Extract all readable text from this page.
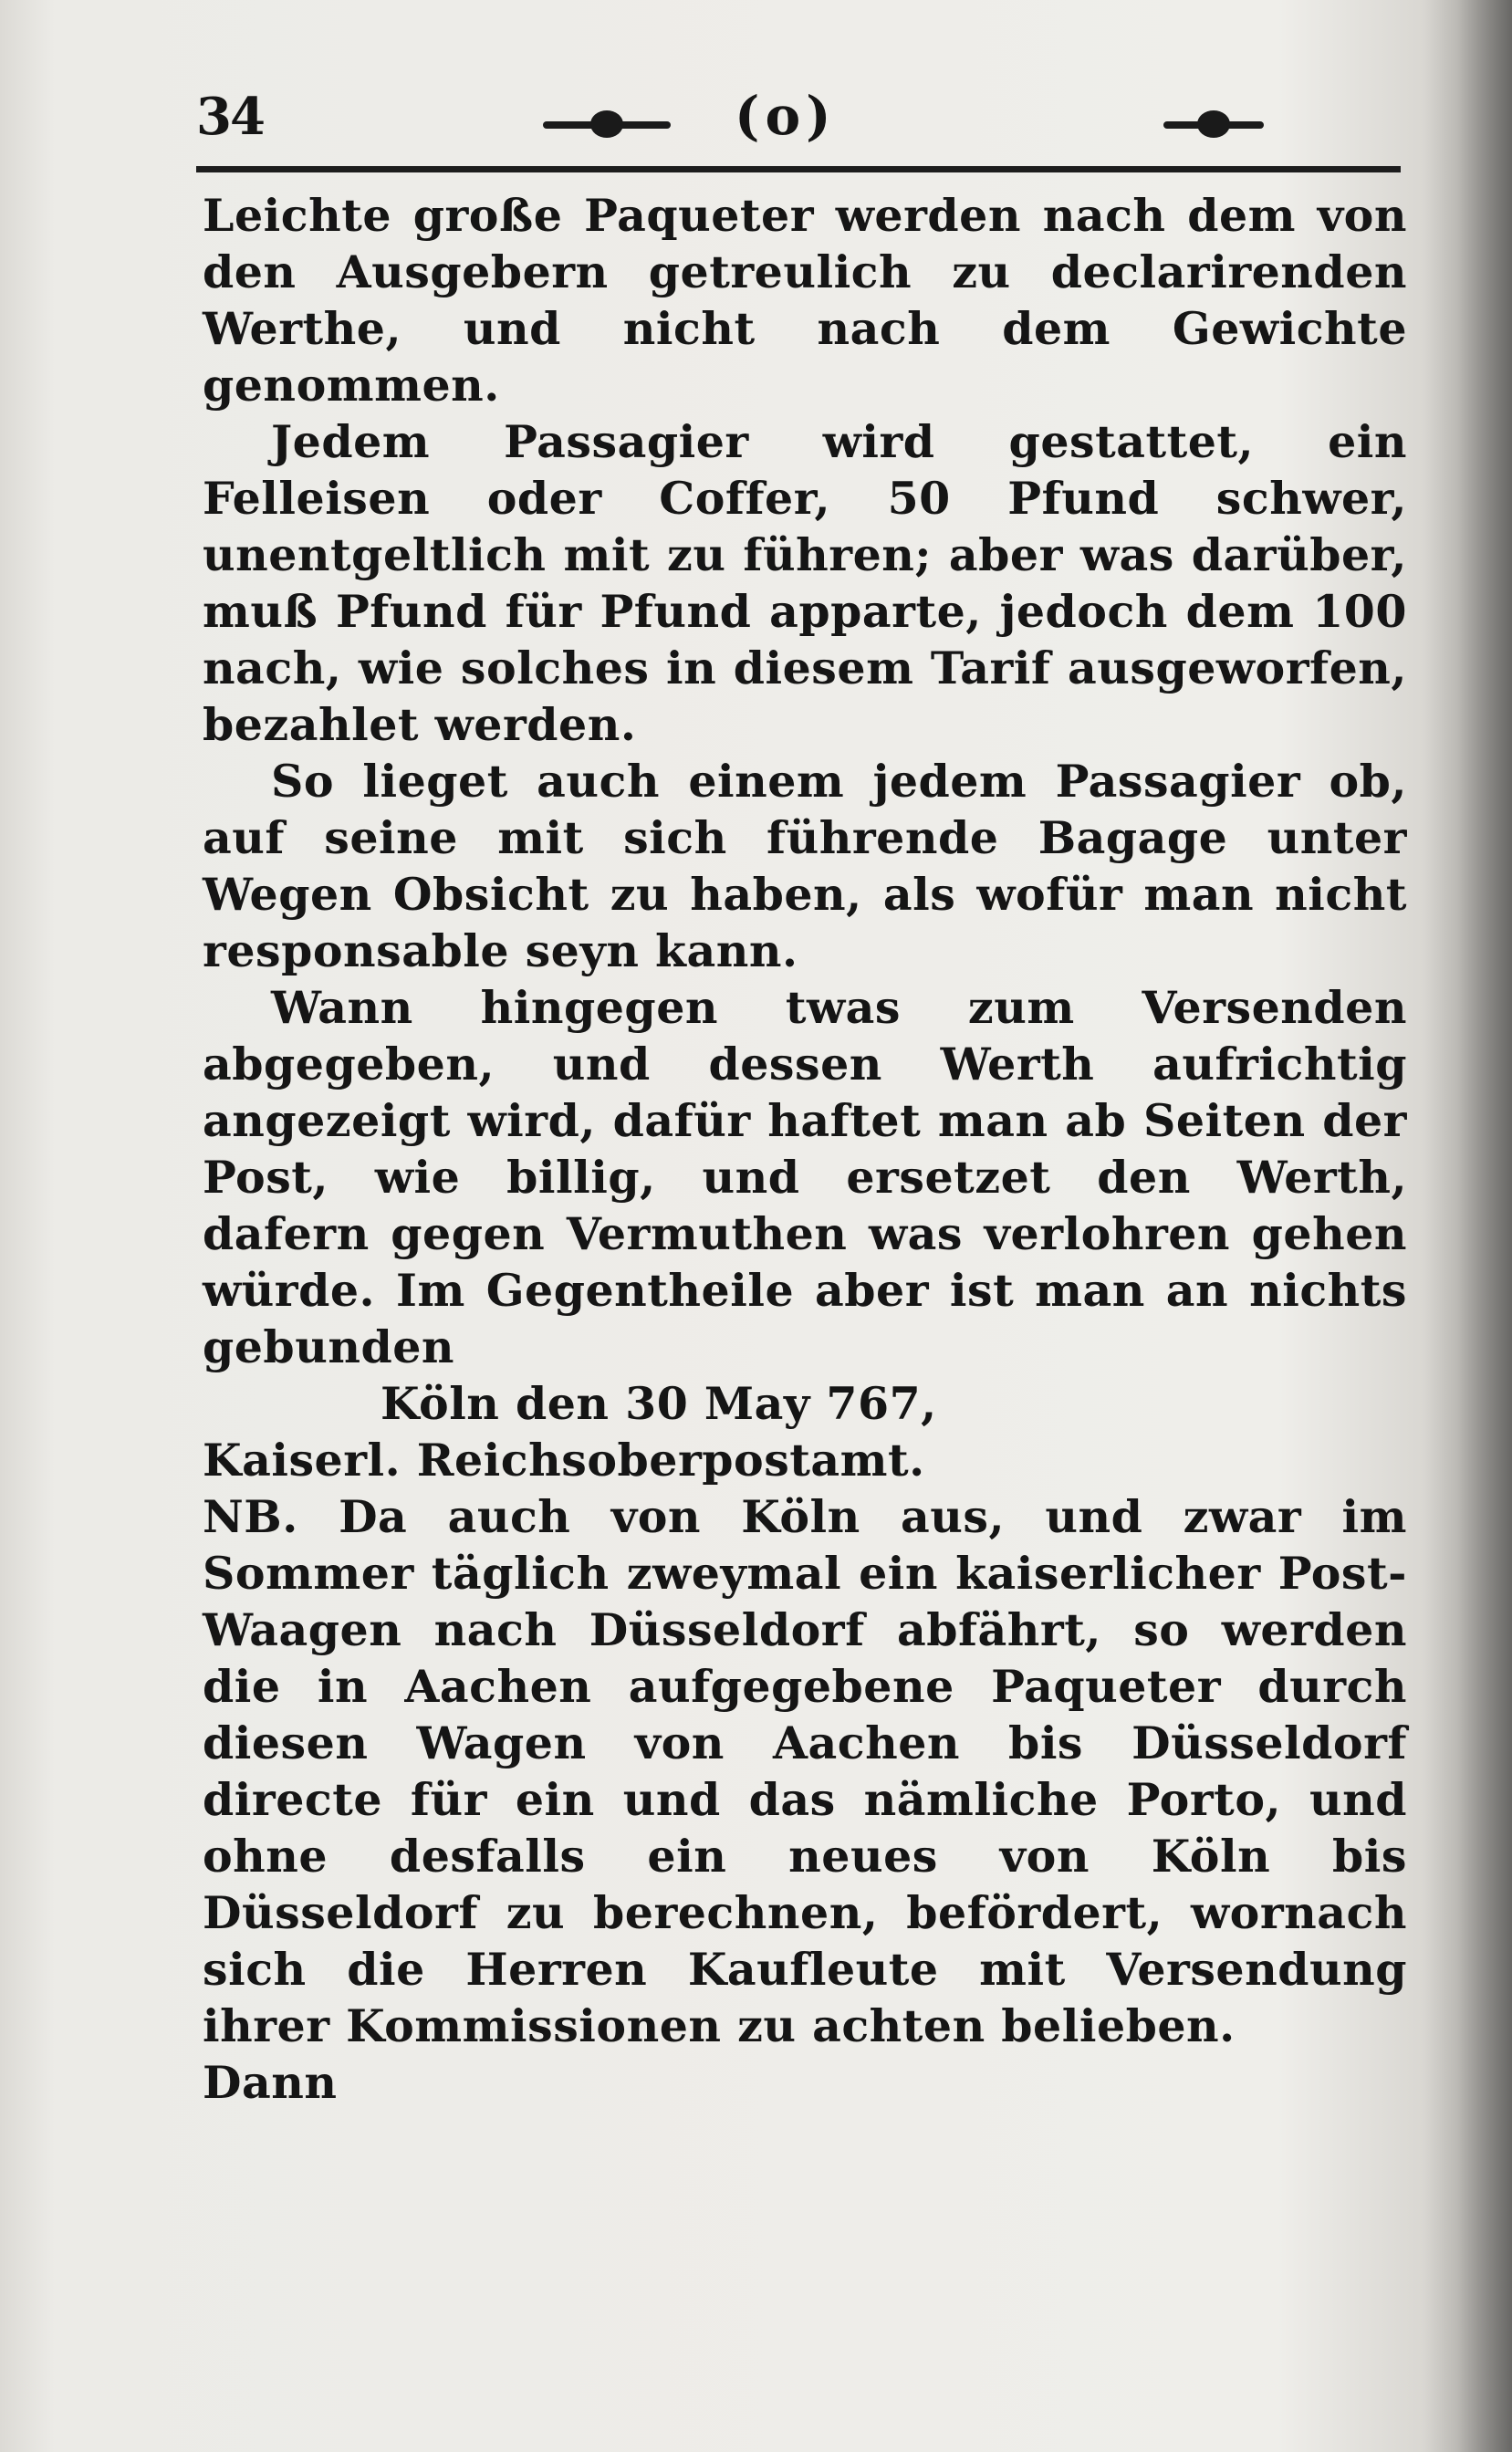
34	(o)

Leichte große Paqueter werden nach dem von den Ausgebern getreulich zu declarirenden Werthe, und nicht nach dem Gewichte genommen.

Jedem Passagier wird gestattet, ein Felleisen oder Coffer, 50 Pfund schwer, unentgeltlich mit zu führen; aber was darüber, muß Pfund für Pfund apparte, jedoch dem 100 nach, wie solches in diesem Tarif ausgeworfen, bezahlet werden.

So lieget auch einem jedem Passagier ob, auf seine mit sich führende Bagage unter Wegen Obsicht zu haben, als wofür man nicht responsable seyn kann.

Wann hingegen twas zum Versenden abgegeben, und dessen Werth aufrichtig angezeigt wird, dafür haftet man ab Seiten der Post, wie billig, und ersetzet den Werth, dafern gegen Vermuthen was verlohren gehen würde. Im Gegentheile aber ist man an nichts gebunden

Köln den 30 May 767,

Kaiserl. Reichsoberpostamt.

NB. Da auch von Köln aus, und zwar im Sommer täglich zweymal ein kaiserlicher Post-Waagen nach Düsseldorf abfährt, so werden die in Aachen aufgegebene Paqueter durch diesen Wagen von Aachen bis Düsseldorf directe für ein und das nämliche Porto, und ohne desfalls ein neues von Köln bis Düsseldorf zu berechnen, befördert, wornach sich die Herren Kaufleute mit Versendung ihrer Kommissionen zu achten belieben.

Dann
